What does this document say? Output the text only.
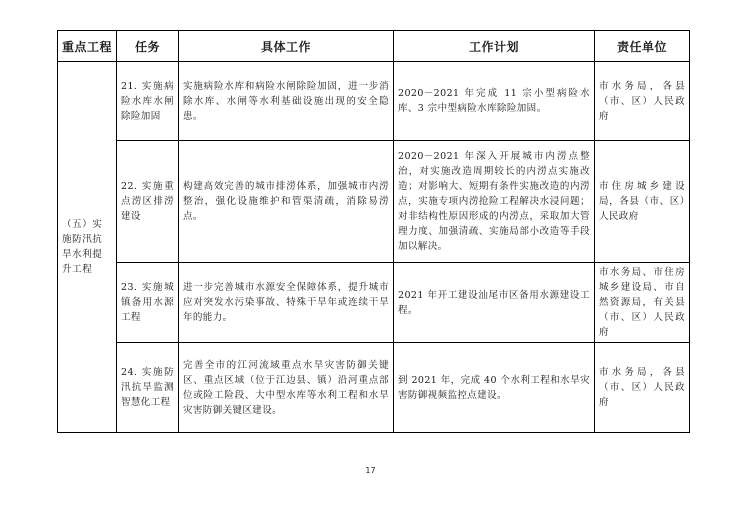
重点工程	任务	具体工作	工作计划	责任单位

（五）实施防汛抗旱水利提升工程	21. 实施病险水库水闸除险加固	实施病险水库和病险水闸除险加固，进一步消除水库、水闸等水利基础设施出现的安全隐患。	2020－2021 年完成 11 宗小型病险水库、3 宗中型病险水库除险加固。	市水务局，各县（市、区）人民政府

	22. 实施重点涝区排涝建设	构建高效完善的城市排涝体系，加强城市内涝整治，强化设施维护和管渠清疏，消除易涝点。	2020－2021 年深入开展城市内涝点整治，对实施改造周期较长的内涝点实施改造；对影响大、短期有条件实施改造的内涝点，实施专项内涝抢险工程解决水浸问题；对非结构性原因形成的内涝点，采取加大管理力度、加强清疏、实施局部小改造等手段加以解决。	市住房城乡建设局，各县（市、区）人民政府

	23. 实施城镇备用水源工程	进一步完善城市水源安全保障体系，提升城市应对突发水污染事故、特殊干旱年或连续干旱年的能力。	2021 年开工建设汕尾市区备用水源建设工程。	市水务局、市住房城乡建设局、市自然资源局，有关县（市、区）人民政府

	24. 实施防汛抗旱监测智慧化工程	完善全市的江河流域重点水旱灾害防御关键区、重点区域（位于江边县、镇）沿河重点部位或险工险段、大中型水库等水利工程和水旱灾害防御关键区建设。	到 2021 年，完成 40 个水利工程和水旱灾害防御视频监控点建设。	市水务局，各县（市、区）人民政府
17
